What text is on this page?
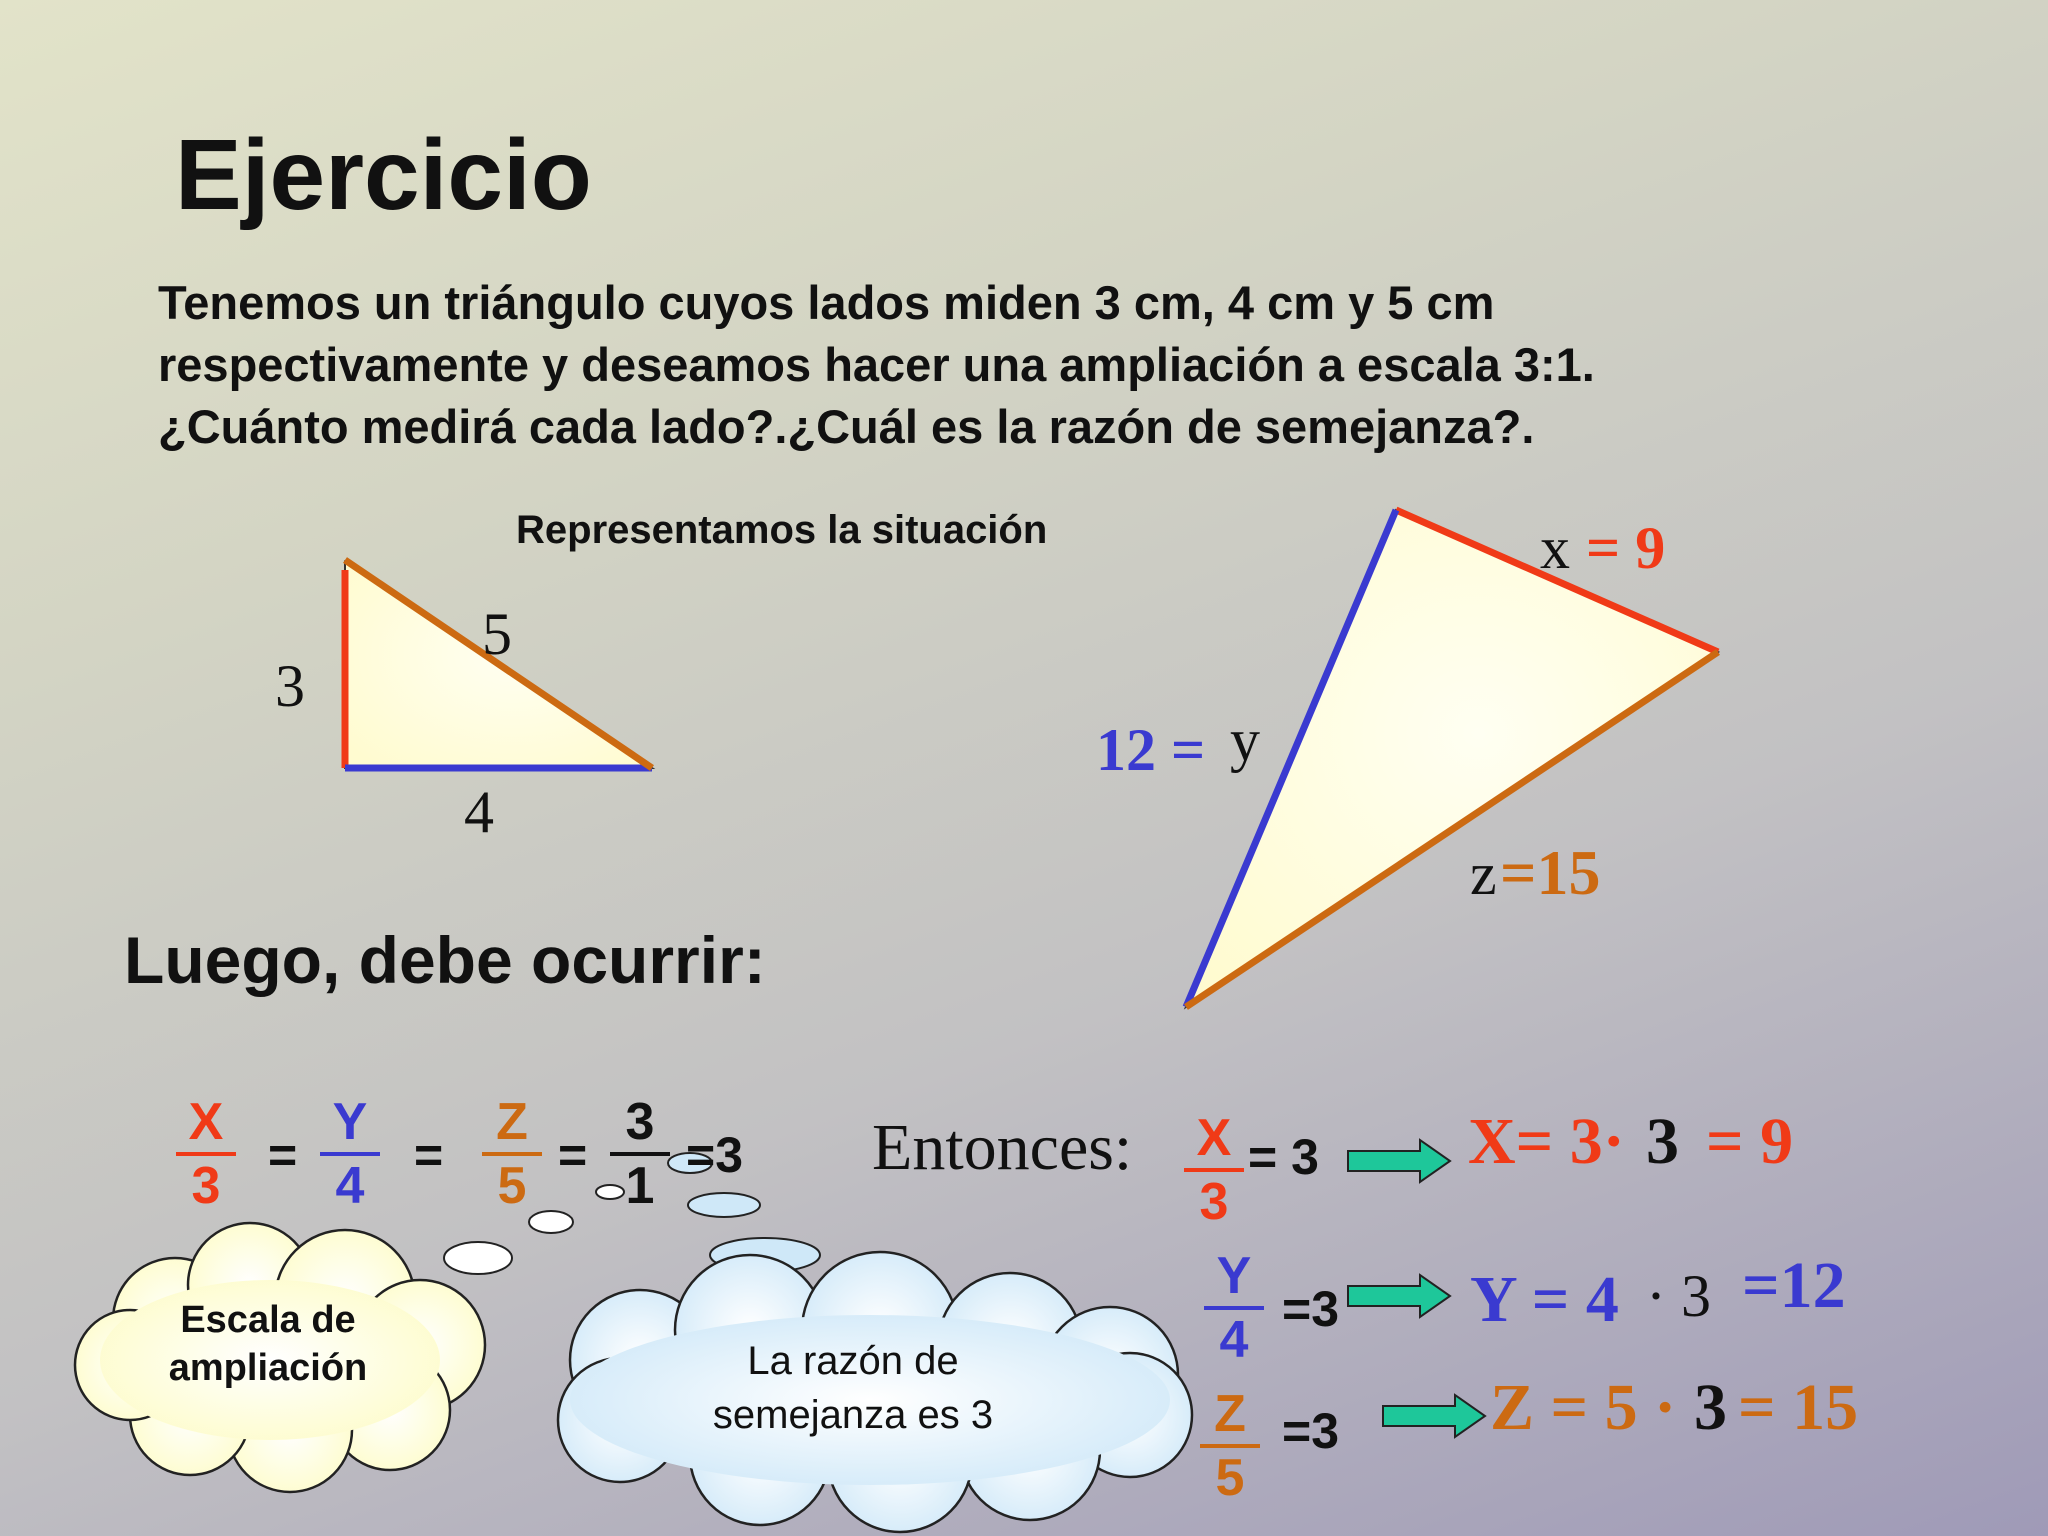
Ejercicio
Tenemos un triángulo cuyos lados miden 3 cm, 4 cm y 5 cm
respectivamente y deseamos hacer una ampliación a escala 3:1.
¿Cuánto medirá cada lado?.¿Cuál es la razón de semejanza?.
Representamos la situación
3
4
5
x = 9
12 = y
z =15
Luego, debe ocurrir:
$\frac{X}{3} = \frac{Y}{4} = \frac{Z}{5} = \frac{3}{1} =3$ Entonces: $\frac{X}{3} = 3$ X= 3· 3 = 9
$\frac{Y}{4} =3$ Y = 4 · 3 =12
$\frac{Z}{5} =3$ Z = 5 · 3 = 15
Escala de
ampliación	La razón de
semejanza es 3
